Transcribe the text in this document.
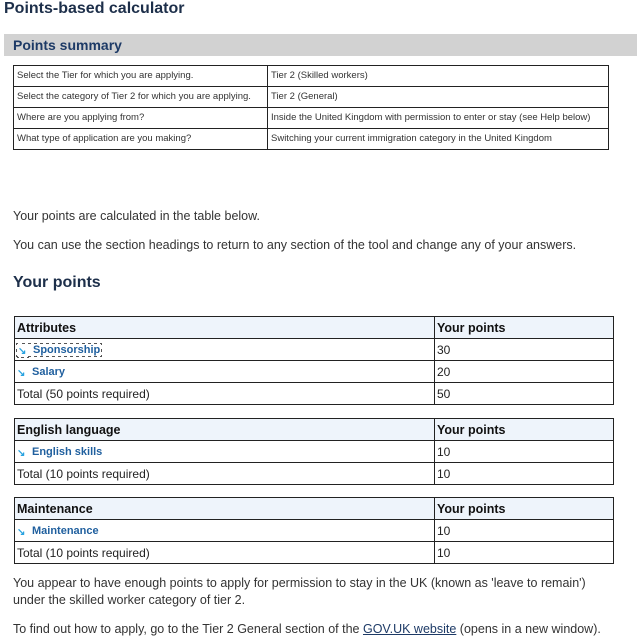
Points-based calculator
Points summary
Select the Tier for which you are applying.	Tier 2 (Skilled workers)
Select the category of Tier 2 for which you are applying.	Tier 2 (General)
Where are you applying from?	Inside the United Kingdom with permission to enter or stay (see Help below)
What type of application are you making?	Switching your current immigration category in the United Kingdom
Your points are calculated in the table below.
You can use the section headings to return to any section of the tool and change any of your answers.
Your points
Attributes	Your points
↘ Sponsorship	30
↘ Salary	20
Total (50 points required)	50
English language	Your points
↘ English skills	10
Total (10 points required)	10
Maintenance	Your points
↘ Maintenance	10
Total (10 points required)	10
You appear to have enough points to apply for permission to stay in the UK (known as 'leave to remain')
under the skilled worker category of tier 2.
To find out how to apply, go to the Tier 2 General section of the GOV.UK website (opens in a new window).
